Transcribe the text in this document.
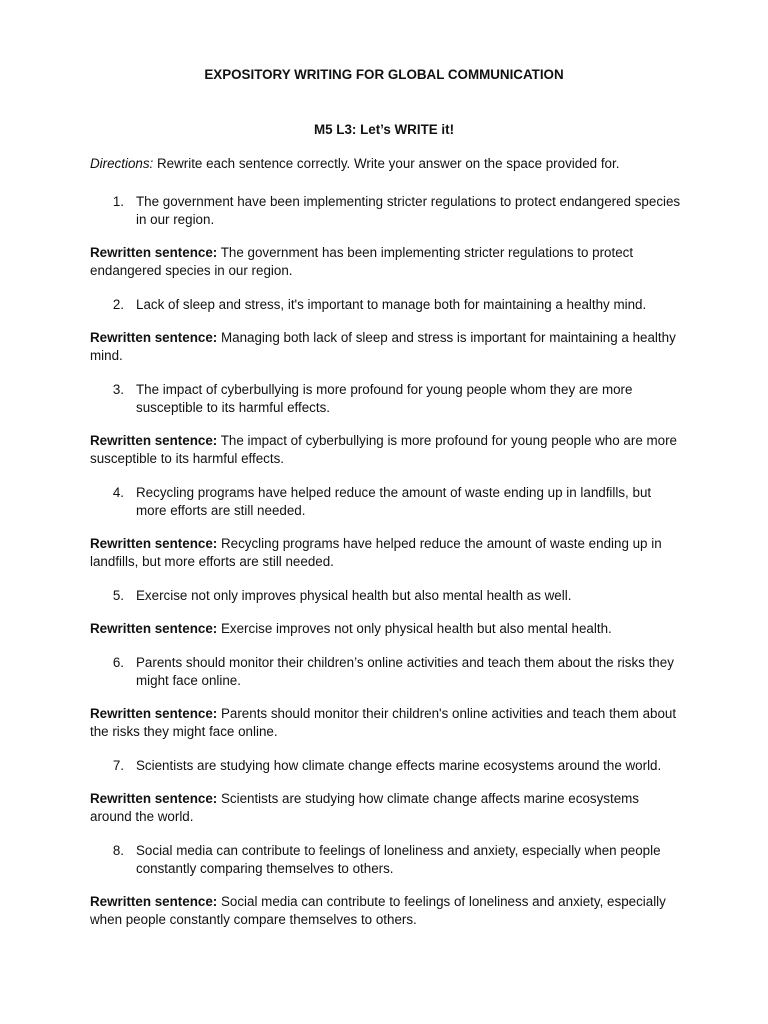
EXPOSITORY WRITING FOR GLOBAL COMMUNICATION
M5 L3: Let’s WRITE it!

Directions: Rewrite each sentence correctly. Write your answer on the space provided for.

1. The government have been implementing stricter regulations to protect endangered species in our region.

Rewritten sentence: The government has been implementing stricter regulations to protect endangered species in our region.

2. Lack of sleep and stress, it's important to manage both for maintaining a healthy mind.

Rewritten sentence: Managing both lack of sleep and stress is important for maintaining a healthy mind.

3. The impact of cyberbullying is more profound for young people whom they are more susceptible to its harmful effects.

Rewritten sentence: The impact of cyberbullying is more profound for young people who are more susceptible to its harmful effects.

4. Recycling programs have helped reduce the amount of waste ending up in landfills, but more efforts are still needed.

Rewritten sentence: Recycling programs have helped reduce the amount of waste ending up in landfills, but more efforts are still needed.

5. Exercise not only improves physical health but also mental health as well.

Rewritten sentence: Exercise improves not only physical health but also mental health.

6. Parents should monitor their children’s online activities and teach them about the risks they might face online.

Rewritten sentence: Parents should monitor their children's online activities and teach them about the risks they might face online.

7. Scientists are studying how climate change effects marine ecosystems around the world.

Rewritten sentence: Scientists are studying how climate change affects marine ecosystems around the world.

8. Social media can contribute to feelings of loneliness and anxiety, especially when people constantly comparing themselves to others.

Rewritten sentence: Social media can contribute to feelings of loneliness and anxiety, especially when people constantly compare themselves to others.
